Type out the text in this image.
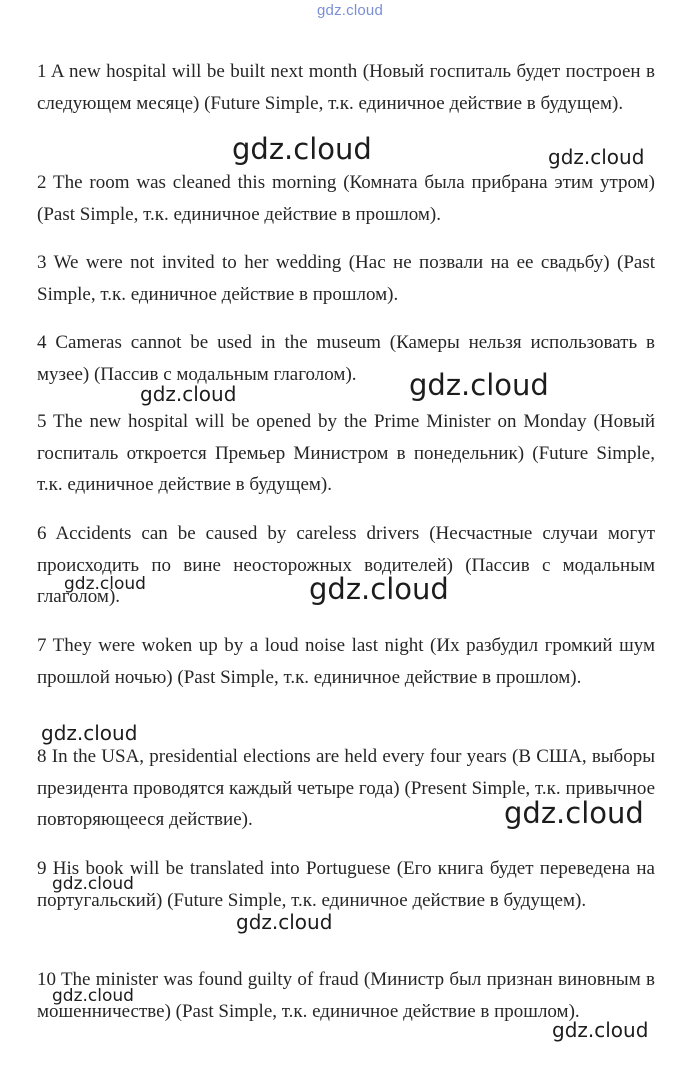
gdz.cloud
1 A new hospital will be built next month (Новый госпиталь будет построен в следующем месяце) (Future Simple, т.к. единичное действие в будущем).
2 The room was cleaned this morning (Комната была прибрана этим утром) (Past Simple, т.к. единичное действие в прошлом).
3 We were not invited to her wedding (Нас не позвали на ее свадьбу) (Past Simple, т.к. единичное действие в прошлом).
4 Cameras cannot be used in the museum (Камеры нельзя использовать в музее) (Пассив с модальным глаголом).
5 The new hospital will be opened by the Prime Minister on Monday (Новый госпиталь откроется Премьер Министром в понедельник) (Future Simple, т.к. единичное действие в будущем).
6 Accidents can be caused by careless drivers (Несчастные случаи могут происходить по вине неосторожных водителей) (Пассив с модальным глаголом).
7 They were woken up by a loud noise last night (Их разбудил громкий шум прошлой ночью) (Past Simple, т.к. единичное действие в прошлом).
8 In the USA, presidential elections are held every four years (В США, выборы президента проводятся каждый четыре года) (Present Simple, т.к. привычное повторяющееся действие).
9 His book will be translated into Portuguese (Его книга будет переведена на португальский) (Future Simple, т.к. единичное действие в будущем).
10 The minister was found guilty of fraud (Министр был признан виновным в мошенничестве) (Past Simple, т.к. единичное действие в прошлом).
gdz.cloud	gdz.cloud
gdz.cloud	gdz.cloud
gdz.cloud	gdz.cloud
gdz.cloud
gdz.cloud
gdz.cloud
gdz.cloud
gdz.cloud
gdz.cloud
